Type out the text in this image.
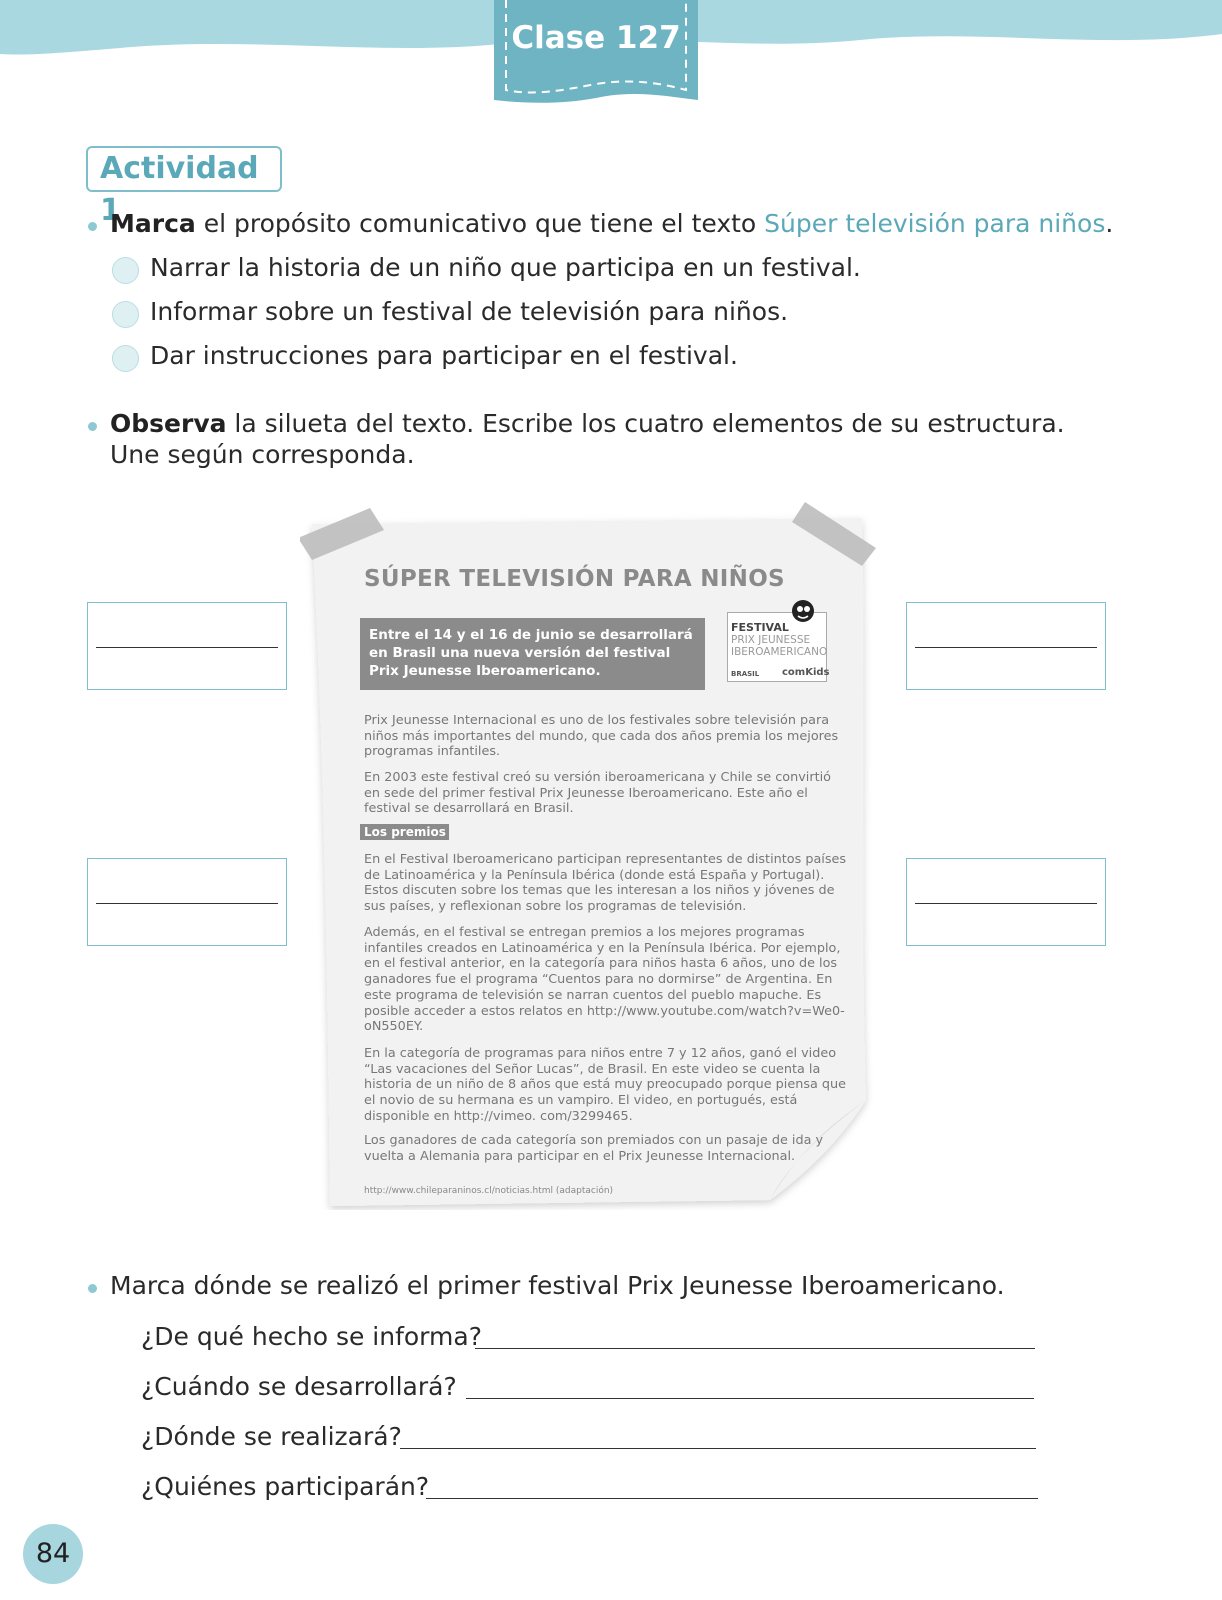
Clase 127
Actividad 1
Marca el propósito comunicativo que tiene el texto Súper televisión para niños.
Narrar la historia de un niño que participa en un festival.
Informar sobre un festival de televisión para niños.
Dar instrucciones para participar en el festival.
Observa la silueta del texto. Escribe los cuatro elementos de su estructura.
Une según corresponda.
SÚPER TELEVISIÓN PARA NIÑOS
Entre el 14 y el 16 de junio se desarrollará en Brasil una nueva versión del festival Prix Jeunesse Iberoamericano.
FESTIVAL
PRIX JEUNESSE
IBEROAMERICANO
BRASIL comKids
Prix Jeunesse Internacional es uno de los festivales sobre televisión para niños más importantes del mundo, que cada dos años premia los mejores programas infantiles.
En 2003 este festival creó su versión iberoamericana y Chile se convirtió en sede del primer festival Prix Jeunesse Iberoamericano. Este año el festival se desarrollará en Brasil.
Los premios
En el Festival Iberoamericano participan representantes de distintos países de Latinoamérica y la Península Ibérica (donde está España y Portugal). Estos discuten sobre los temas que les interesan a los niños y jóvenes de sus países, y reflexionan sobre los programas de televisión.
Además, en el festival se entregan premios a los mejores programas infantiles creados en Latinoamérica y en la Península Ibérica. Por ejemplo, en el festival anterior, en la categoría para niños hasta 6 años, uno de los ganadores fue el programa “Cuentos para no dormirse” de Argentina. En este programa de televisión se narran cuentos del pueblo mapuche. Es posible acceder a estos relatos en http://www.youtube.com/watch?v=We0-oN550EY.
En la categoría de programas para niños entre 7 y 12 años, ganó el video “Las vacaciones del Señor Lucas”, de Brasil. En este video se cuenta la historia de un niño de 8 años que está muy preocupado porque piensa que el novio de su hermana es un vampiro. El video, en portugués, está disponible en http://vimeo. com/3299465.
Los ganadores de cada categoría son premiados con un pasaje de ida y vuelta a Alemania para participar en el Prix Jeunesse Internacional.
http://www.chileparaninos.cl/noticias.html (adaptación)
Marca dónde se realizó el primer festival Prix Jeunesse Iberoamericano.
¿De qué hecho se informa?
¿Cuándo se desarrollará?
¿Dónde se realizará?
¿Quiénes participarán?
84
